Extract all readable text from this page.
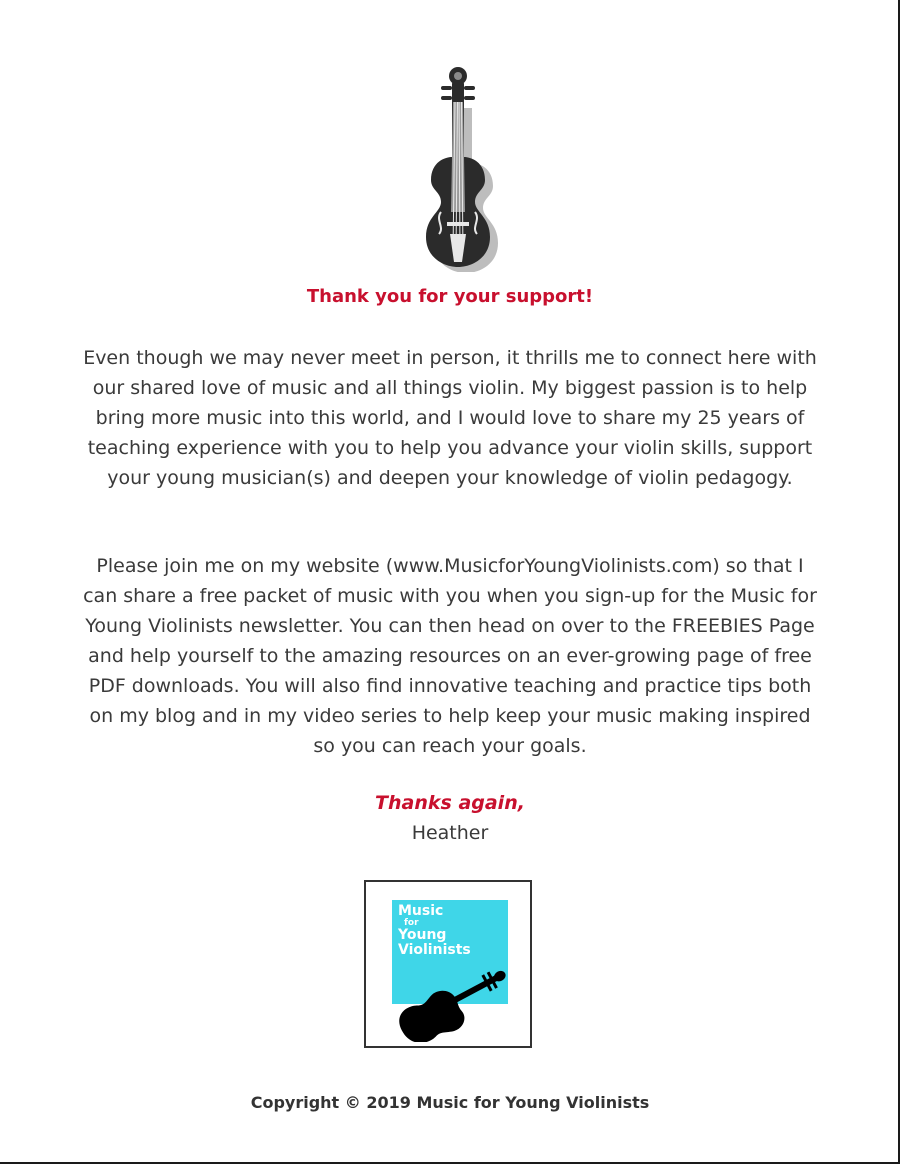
Thank you for your support!

Even though we may never meet in person, it thrills me to connect here with our shared love of music and all things violin. My biggest passion is to help bring more music into this world, and I would love to share my 25 years of teaching experience with you to help you advance your violin skills, support your young musician(s) and deepen your knowledge of violin pedagogy.

Please join me on my website (www.MusicforYoungViolinists.com) so that I can share a free packet of music with you when you sign-up for the Music for Young Violinists newsletter. You can then head on over to the FREEBIES Page and help yourself to the amazing resources on an ever-growing page of free PDF downloads. You will also find innovative teaching and practice tips both on my blog and in my video series to help keep your music making inspired so you can reach your goals.

Thanks again,

Heather

Music
for
Young
Violinists

Copyright © 2019 Music for Young Violinists
